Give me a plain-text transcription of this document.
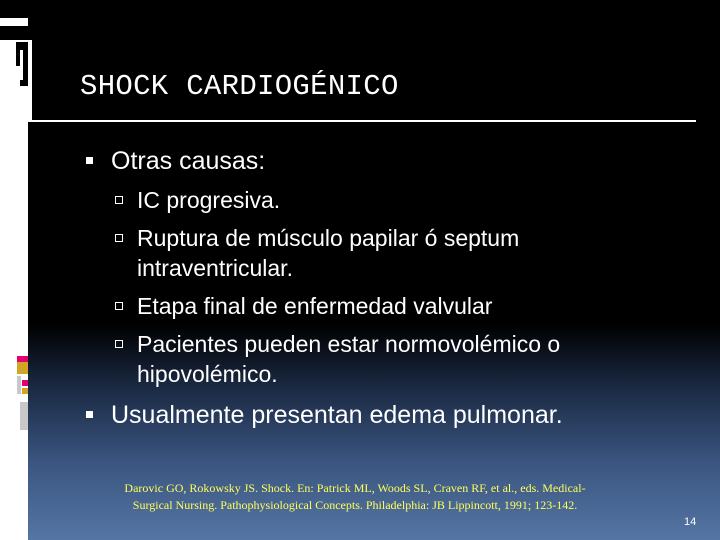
SHOCK CARDIOGÉNICO
Otras causas:
IC progresiva.
Ruptura de músculo papilar ó septum
intraventricular.
Etapa final de enfermedad valvular
Pacientes pueden estar normovolémico o
hipovolémico.
Usualmente presentan edema pulmonar.
Darovic GO, Rokowsky JS. Shock. En: Patrick ML, Woods SL, Craven RF, et al., eds. Medical-
Surgical Nursing. Pathophysiological Concepts. Philadelphia: JB Lippincott, 1991; 123-142.
14
